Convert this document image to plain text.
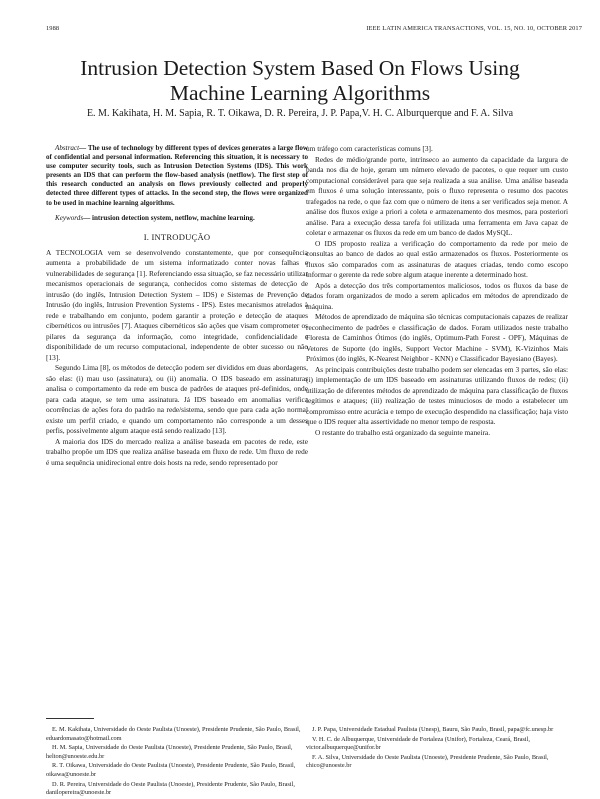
1988	IEEE LATIN AMERICA TRANSACTIONS, VOL. 15, NO. 10, OCTOBER 2017
Intrusion Detection System Based On Flows Using Machine Learning Algorithms
E. M. Kakihata, H. M. Sapia, R. T. Oikawa, D. R. Pereira, J. P. Papa,V. H. C. Alburquerque and F. A. Silva

Abstract— The use of technology by different types of devices generates a large flow of confidential and personal information. Referencing this situation, it is necessary to use computer security tools, such as Intrusion Detection Systems (IDS). This work presents an IDS that can perform the flow-based analysis (netflow). The first step of this research conducted an analysis on flows previously collected and properly detected three different types of attacks. In the second step, the flows were organized to be used in machine learning algorithms.

Keywords— intrusion detection system, netflow, machine learning.

I. INTRODUÇÃO

A TECNOLOGIA vem se desenvolvendo constantemente, que por consequência aumenta a probabilidade de um sistema informatizado conter novas falhas e vulnerabilidades de segurança [1]. Referenciando essa situação, se faz necessário utilizar mecanismos operacionais de segurança, conhecidos como sistemas de detecção de intrusão (do inglês, Intrusion Detection System – IDS) e Sistemas de Prevenção de Intrusão (do inglês, Intrusion Prevention Systems - IPS). Estes mecanismos atrelados à rede e trabalhando em conjunto, podem garantir a proteção e detecção de ataques cibernéticos ou intrusões [7]. Ataques cibernéticos são ações que visam comprometer os pilares da segurança da informação, como integridade, confidencialidade e disponibilidade de um recurso computacional, independente de obter sucesso ou não [13].

Segundo Lima [8], os métodos de detecção podem ser divididos em duas abordagens, são elas: (i) mau uso (assinatura), ou (ii) anomalia. O IDS baseado em assinaturas analisa o comportamento da rede em busca de padrões de ataques pré-definidos, onde para cada ataque, se tem uma assinatura. Já IDS baseado em anomalias verifica ocorrências de ações fora do padrão na rede/sistema, sendo que para cada ação normal existe um perfil criado, e quando um comportamento não corresponde a um desses perfis, possivelmente algum ataque está sendo realizado [13].

A maioria dos IDS do mercado realiza a análise baseada em pacotes de rede, este trabalho propõe um IDS que realiza análise baseada em fluxo de rede. Um fluxo de rede é uma sequência unidirecional entre dois hosts na rede, sendo representado por

um tráfego com características comuns [3].

Redes de médio/grande porte, intrínseco ao aumento da capacidade da largura de banda nos dia de hoje, geram um número elevado de pacotes, o que requer um custo computacional considerável para que seja realizada a sua análise. Uma análise baseada em fluxos é uma solução interessante, pois o fluxo representa o resumo dos pacotes trafegados na rede, o que faz com que o número de itens a ser verificados seja menor. A análise dos fluxos exige a priori a coleta e armazenamento dos mesmos, para posteriori análise. Para a execução dessa tarefa foi utilizada uma ferramenta em Java capaz de coletar e armazenar os fluxos da rede em um banco de dados MySQL.

O IDS proposto realiza a verificação do comportamento da rede por meio de consultas ao banco de dados ao qual estão armazenados os fluxos. Posteriormente os fluxos são comparados com as assinaturas de ataques criadas, tendo como escopo informar o gerente da rede sobre algum ataque inerente a determinado host.

Após a detecção dos três comportamentos maliciosos, todos os fluxos da base de dados foram organizados de modo a serem aplicados em métodos de aprendizado de máquina.

Métodos de aprendizado de máquina são técnicas computacionais capazes de realizar reconhecimento de padrões e classificação de dados. Foram utilizados neste trabalho Floresta de Caminhos Ótimos (do inglês, Optimum-Path Forest - OPF), Máquinas de Vetores de Suporte (do inglês, Support Vector Machine - SVM), K-Vizinhos Mais Próximos (do inglês, K-Nearest Neighbor - KNN) e Classificador Bayesiano (Bayes).

As principais contribuições deste trabalho podem ser elencadas em 3 partes, são elas: (i) implementação de um IDS baseado em assinaturas utilizando fluxos de redes; (ii) utilização de diferentes métodos de aprendizado de máquina para classificação de fluxos legítimos e ataques; (iii) realização de testes minuciosos de modo a estabelecer um compromisso entre acurácia e tempo de execução despendido na classificação; haja visto que o IDS requer alta assertividade no menor tempo de resposta.

O restante do trabalho está organizado da seguinte maneira.

E. M. Kakihata, Universidade do Oeste Paulista (Unoeste), Presidente Prudente, São Paulo, Brasil, eduardomasato@hotmail.com

H. M. Sapia, Universidade do Oeste Paulista (Unoeste), Presidente Prudente, São Paulo, Brasil, helton@unoeste.edu.br

R. T. Oikawa, Universidade do Oeste Paulista (Unoeste), Presidente Prudente, São Paulo, Brasil, oikawa@unoeste.br

D. R. Pereira, Universidade do Oeste Paulista (Unoeste), Presidente Prudente, São Paulo, Brasil, danilopereira@unoeste.br

J. P. Papa, Universidade Estadual Paulista (Unesp), Bauru, São Paulo, Brasil, papa@fc.unesp.br

V. H. C. de Albuquerque, Universidade de Fortaleza (Unifor), Fortaleza, Ceará, Brasil, victor.albuquerque@unifor.br

F. A. Silva, Universidade do Oeste Paulista (Unoeste), Presidente Prudente, São Paulo, Brasil, chico@unoeste.br
